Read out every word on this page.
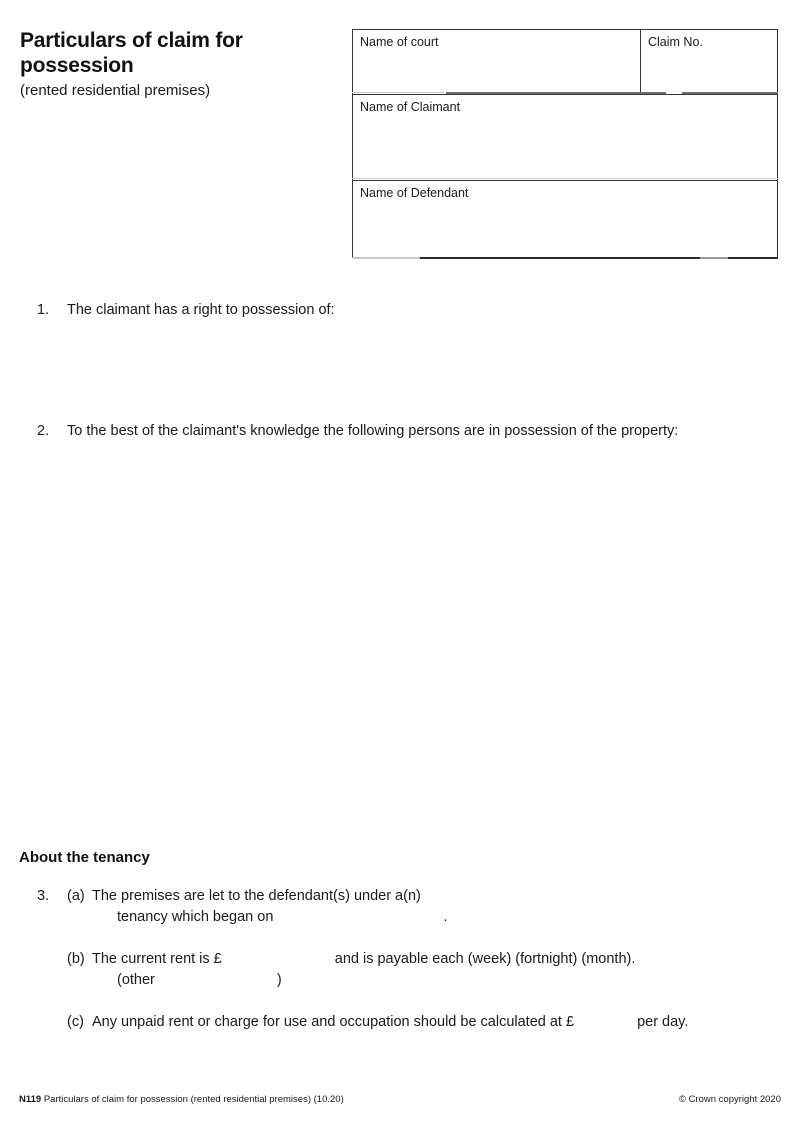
Particulars of claim for
possession
(rented residential premises)
Name of court	Claim No.
Name of Claimant
Name of Defendant
1.	The claimant has a right to possession of:
2.	To the best of the claimant's knowledge the following persons are in possession of the property:
About the tenancy
3.	(a) The premises are let to the defendant(s) under a(n)
tenancy which began on	.
(b) The current rent is £	and is payable each (week) (fortnight) (month).
(other	)
(c) Any unpaid rent or charge for use and occupation should be calculated at £	per day.
N119 Particulars of claim for possession (rented residential premises) (10.20)	© Crown copyright 2020
